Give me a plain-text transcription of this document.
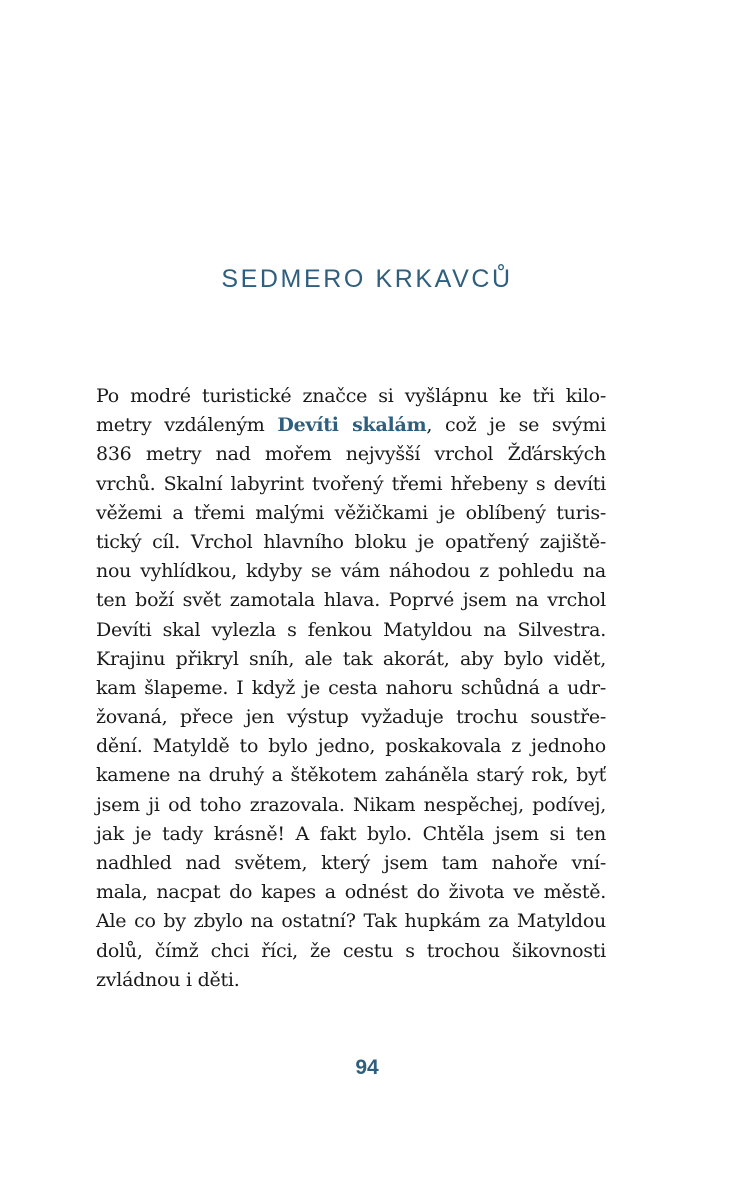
SEDMERO KRKAVCŮ
Po modré turistické značce si vyšlápnu ke tři kilo-
metry vzdáleným Devíti skalám, což je se svými
836 metry nad mořem nejvyšší vrchol Žďárských
vrchů. Skalní labyrint tvořený třemi hřebeny s devíti
věžemi a třemi malými věžičkami je oblíbený turis-
tický cíl. Vrchol hlavního bloku je opatřený zajiště-
nou vyhlídkou, kdyby se vám náhodou z pohledu na
ten boží svět zamotala hlava. Poprvé jsem na vrchol
Devíti skal vylezla s fenkou Matyldou na Silvestra.
Krajinu přikryl sníh, ale tak akorát, aby bylo vidět,
kam šlapeme. I když je cesta nahoru schůdná a udr-
žovaná, přece jen výstup vyžaduje trochu soustře-
dění. Matyldě to bylo jedno, poskakovala z jednoho
kamene na druhý a štěkotem zaháněla starý rok, byť
jsem ji od toho zrazovala. Nikam nespěchej, podívej,
jak je tady krásně! A fakt bylo. Chtěla jsem si ten
nadhled nad světem, který jsem tam nahoře vní-
mala, nacpat do kapes a odnést do života ve městě.
Ale co by zbylo na ostatní? Tak hupkám za Matyldou
dolů, čímž chci říci, že cestu s trochou šikovnosti
zvládnou i děti.
94
